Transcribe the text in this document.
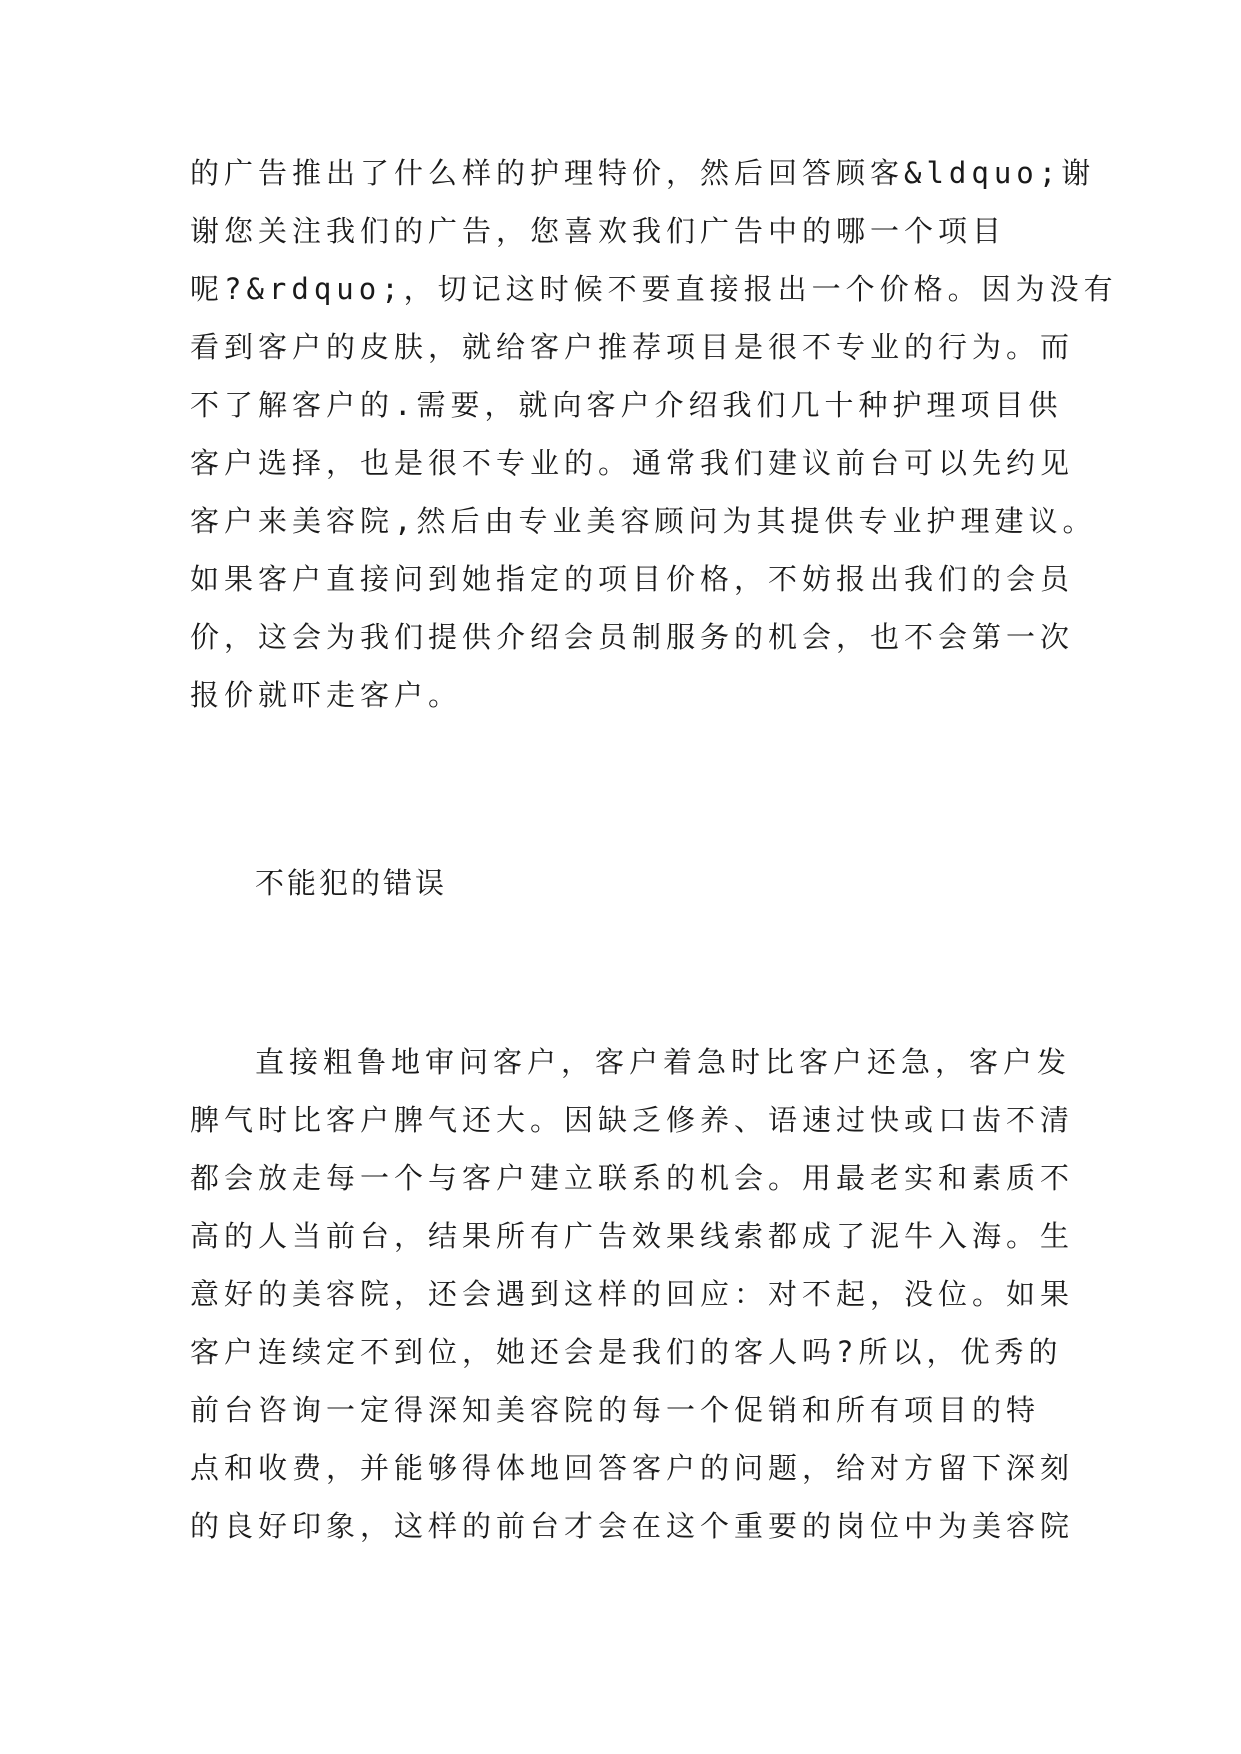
的广告推出了什么样的护理特价，然后回答顾客&ldquo;谢
谢您关注我们的广告，您喜欢我们广告中的哪一个项目
呢?&rdquo;，切记这时候不要直接报出一个价格。因为没有
看到客户的皮肤，就给客户推荐项目是很不专业的行为。而
不了解客户的.需要，就向客户介绍我们几十种护理项目供
客户选择，也是很不专业的。通常我们建议前台可以先约见
客户来美容院,然后由专业美容顾问为其提供专业护理建议。
如果客户直接问到她指定的项目价格，不妨报出我们的会员
价，这会为我们提供介绍会员制服务的机会，也不会第一次
报价就吓走客户。
不能犯的错误
直接粗鲁地审问客户，客户着急时比客户还急，客户发
脾气时比客户脾气还大。因缺乏修养、语速过快或口齿不清
都会放走每一个与客户建立联系的机会。用最老实和素质不
高的人当前台，结果所有广告效果线索都成了泥牛入海。生
意好的美容院，还会遇到这样的回应：对不起，没位。如果
客户连续定不到位，她还会是我们的客人吗?所以，优秀的
前台咨询一定得深知美容院的每一个促销和所有项目的特
点和收费，并能够得体地回答客户的问题，给对方留下深刻
的良好印象，这样的前台才会在这个重要的岗位中为美容院
